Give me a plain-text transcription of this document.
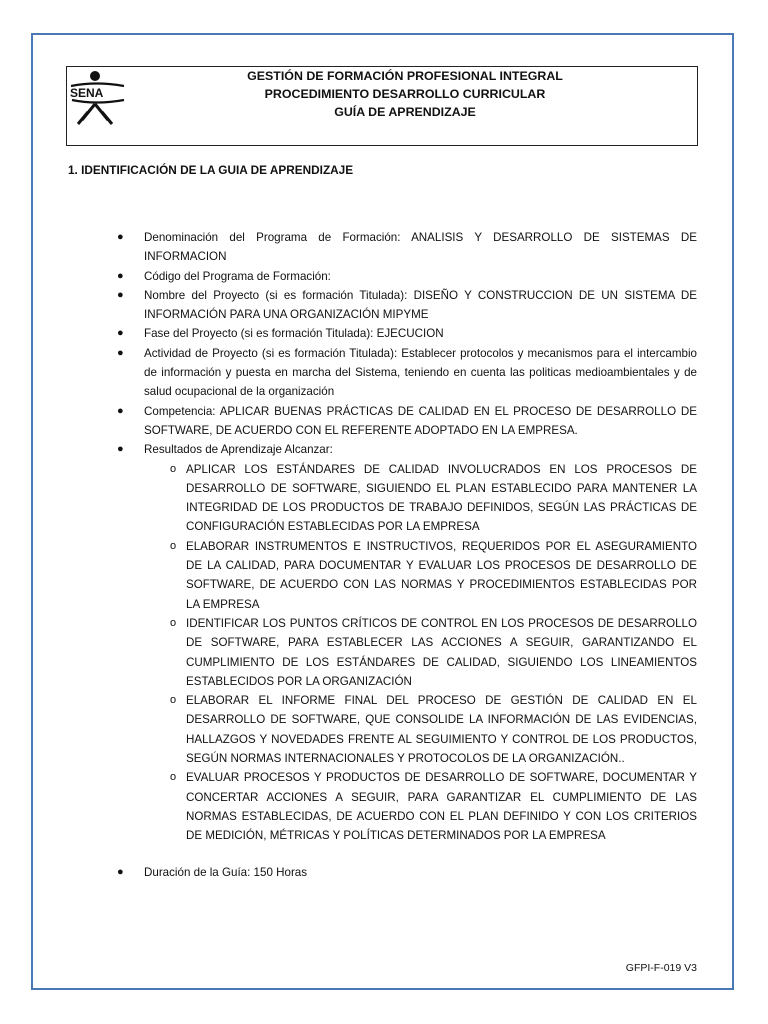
SENA
GESTIÓN DE FORMACIÓN PROFESIONAL INTEGRAL
PROCEDIMIENTO DESARROLLO CURRICULAR
GUÍA DE APRENDIZAJE
1. IDENTIFICACIÓN DE LA GUIA DE APRENDIZAJE
● Denominación del Programa de Formación: ANALISIS Y DESARROLLO DE SISTEMAS DE INFORMACION
● Código del Programa de Formación:
● Nombre del Proyecto (si es formación Titulada): DISEÑO Y CONSTRUCCION DE UN SISTEMA DE INFORMACIÓN PARA UNA ORGANIZACIÓN MIPYME
● Fase del Proyecto (si es formación Titulada): EJECUCION
● Actividad de Proyecto (si es formación Titulada): Establecer protocolos y mecanismos para el intercambio de información y puesta en marcha del Sistema, teniendo en cuenta las politicas medioambientales y de salud ocupacional de la organización
● Competencia: APLICAR BUENAS PRÁCTICAS DE CALIDAD EN EL PROCESO DE DESARROLLO DE SOFTWARE, DE ACUERDO CON EL REFERENTE ADOPTADO EN LA EMPRESA.
● Resultados de Aprendizaje Alcanzar:
o APLICAR LOS ESTÁNDARES DE CALIDAD INVOLUCRADOS EN LOS PROCESOS DE DESARROLLO DE SOFTWARE, SIGUIENDO EL PLAN ESTABLECIDO PARA MANTENER LA INTEGRIDAD DE LOS PRODUCTOS DE TRABAJO DEFINIDOS, SEGÚN LAS PRÁCTICAS DE CONFIGURACIÓN ESTABLECIDAS POR LA EMPRESA
o ELABORAR INSTRUMENTOS E INSTRUCTIVOS, REQUERIDOS POR EL ASEGURAMIENTO DE LA CALIDAD, PARA DOCUMENTAR Y EVALUAR LOS PROCESOS DE DESARROLLO DE SOFTWARE, DE ACUERDO CON LAS NORMAS Y PROCEDIMIENTOS ESTABLECIDAS POR LA EMPRESA
o IDENTIFICAR LOS PUNTOS CRÍTICOS DE CONTROL EN LOS PROCESOS DE DESARROLLO DE SOFTWARE, PARA ESTABLECER LAS ACCIONES A SEGUIR, GARANTIZANDO EL CUMPLIMIENTO DE LOS ESTÁNDARES DE CALIDAD, SIGUIENDO LOS LINEAMIENTOS ESTABLECIDOS POR LA ORGANIZACIÓN
o ELABORAR EL INFORME FINAL DEL PROCESO DE GESTIÓN DE CALIDAD EN EL DESARROLLO DE SOFTWARE, QUE CONSOLIDE LA INFORMACIÓN DE LAS EVIDENCIAS, HALLAZGOS Y NOVEDADES FRENTE AL SEGUIMIENTO Y CONTROL DE LOS PRODUCTOS, SEGÚN NORMAS INTERNACIONALES Y PROTOCOLOS DE LA ORGANIZACIÓN..
o EVALUAR PROCESOS Y PRODUCTOS DE DESARROLLO DE SOFTWARE, DOCUMENTAR Y CONCERTAR ACCIONES A SEGUIR, PARA GARANTIZAR EL CUMPLIMIENTO DE LAS NORMAS ESTABLECIDAS, DE ACUERDO CON EL PLAN DEFINIDO Y CON LOS CRITERIOS DE MEDICIÓN, MÉTRICAS Y POLÍTICAS DETERMINADOS POR LA EMPRESA
● Duración de la Guía: 150 Horas
GFPI-F-019 V3
